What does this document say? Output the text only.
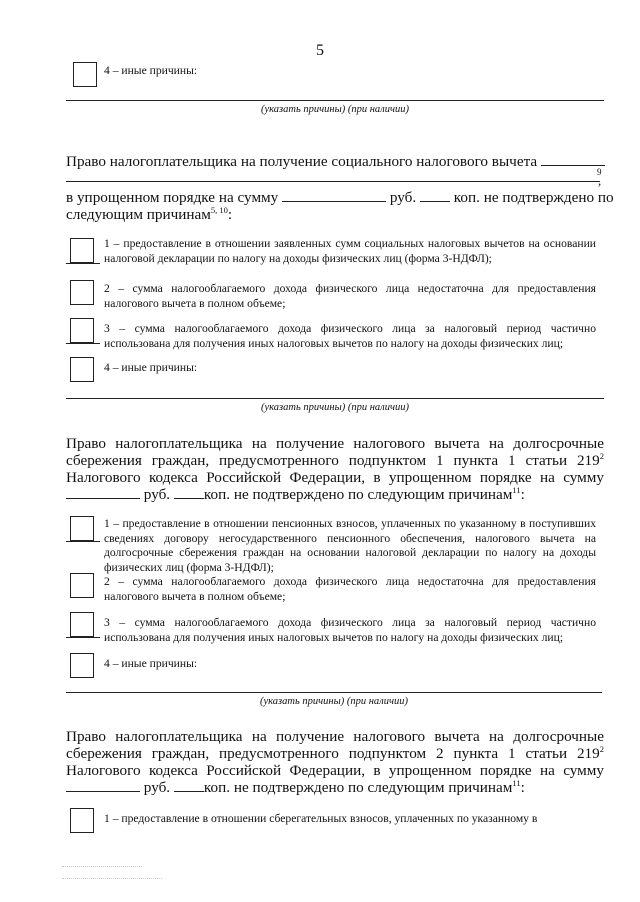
5
4 – иные причины:
(указать причины) (при наличии)
Право налогоплательщика на получение социального налогового вычета
9
,
в упрощенном порядке на сумму	руб. коп. не подтверждено по
следующим причинам$^{5, 10}$:
1 – предоставление в отношении заявленных сумм социальных налоговых вычетов на основании налоговой декларации по налогу на доходы физических лиц (форма 3-НДФЛ);
2 – сумма налогооблагаемого дохода физического лица недостаточна для предоставления налогового вычета в полном объеме;
3 – сумма налогооблагаемого дохода физического лица за налоговый период частично использована для получения иных налоговых вычетов по налогу на доходы физических лиц;
4 – иные причины:
(указать причины) (при наличии)
Право налогоплательщика на получение налогового вычета на долгосрочные
сбережения граждан, предусмотренного подпунктом 1 пункта 1 статьи $219^2$
Налогового кодекса Российской Федерации, в упрощенном порядке на сумму
руб. коп. не подтверждено по следующим причинам$^{11}$:
1 – предоставление в отношении пенсионных взносов, уплаченных по указанному в поступивших сведениях договору негосударственного пенсионного обеспечения, налогового вычета на долгосрочные сбережения граждан на основании налоговой декларации по налогу на доходы физических лиц (форма 3-НДФЛ);
2 – сумма налогооблагаемого дохода физического лица недостаточна для предоставления налогового вычета в полном объеме;
3 – сумма налогооблагаемого дохода физического лица за налоговый период частично использована для получения иных налоговых вычетов по налогу на доходы физических лиц;
4 – иные причины:
(указать причины) (при наличии)
Право налогоплательщика на получение налогового вычета на долгосрочные
сбережения граждан, предусмотренного подпунктом 2 пункта 1 статьи $219^2$
Налогового кодекса Российской Федерации, в упрощенном порядке на сумму
руб. коп. не подтверждено по следующим причинам$^{11}$:
1 – предоставление в отношении сберегательных взносов, уплаченных по указанному в
